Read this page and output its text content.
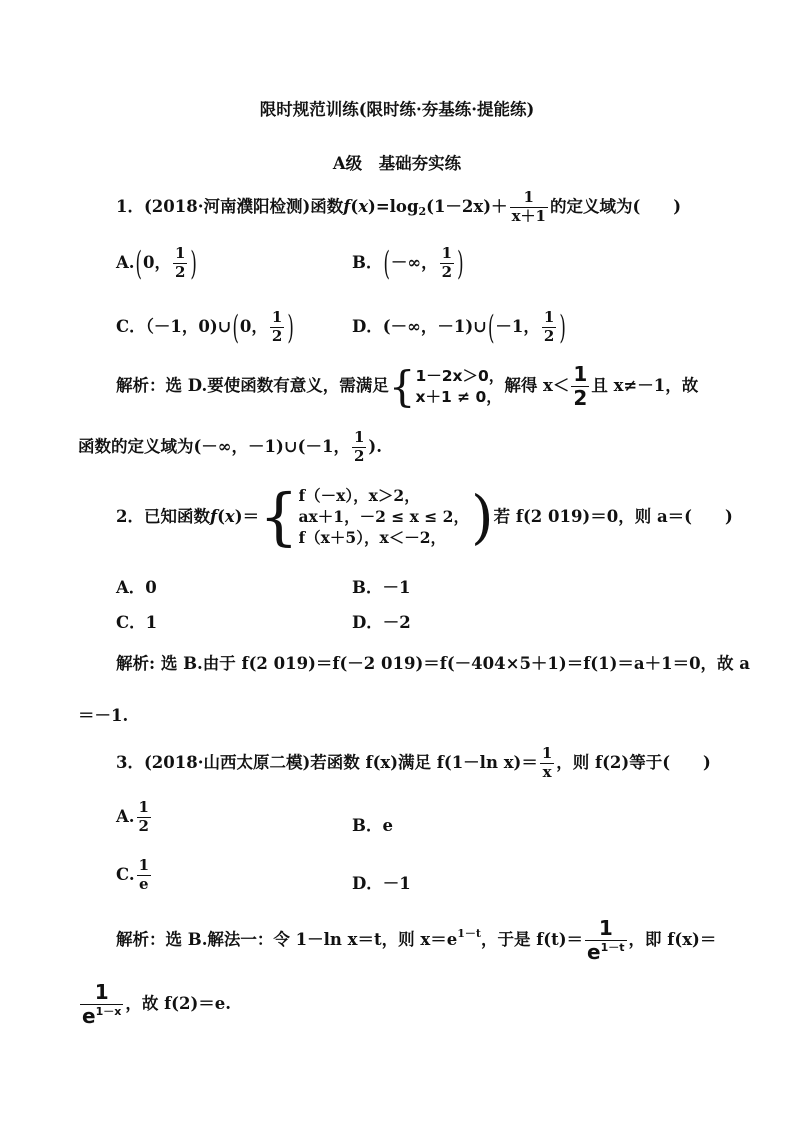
限时规范训练(限时练·夯基练·提能练)
A级　基础夯实练
1．(2018·河南濮阳检测)函数$f(x)=\log_2(1-2x)+ \frac{1}{x+1}$ 的定义域为(　　)
A.(0， $\frac{1}{2}$ )	B．(－∞， $\frac{1}{2}$ )
C．（－1，0)∪(0， $\frac{1}{2}$ )	D．(－∞，－1)∪(－1， $\frac{1}{2}$ )
解析：选 D.要使函数有意义，需满足 { 1－2x＞0，
x＋1 ≠ 0，
解得 $x< \frac{1}{2}$ 且 x≠－1，故
函数的定义域为(－∞，－1)∪(－1， $\frac{1}{2}$ ).
2．已知函数f(x)＝ { f（－x），x＞2，
ax＋1，－2 ≤ x ≤ 2，
f（x＋5），x＜－2， ) 若 f(2 019)＝0，则 a＝(　　)
A．0	B．－1
C．1	D．－2
解析: 选 B.由于 f(2 019)＝f(－2 019)＝f(－404×5＋1)＝f(1)＝a＋1＝0，故 a
＝－1.
3．(2018·山西太原二模)若函数 f(x)满足 f(1－ln $x)= \frac{1}{x}$ ，则 f(2)等于(　　)
A. $\frac{1}{2}$	B．e
C. $\frac{1}{e}$	D．－1
解析：选 B.解法一：令 1－ln x＝t，则 $x=e^{1-t}$，于是 $f(t)= \frac{1}{e^{1-t}}$ ，即 f(x)＝
$\frac{1}{e^{1-x}}$ ，故 f(2)＝e.
